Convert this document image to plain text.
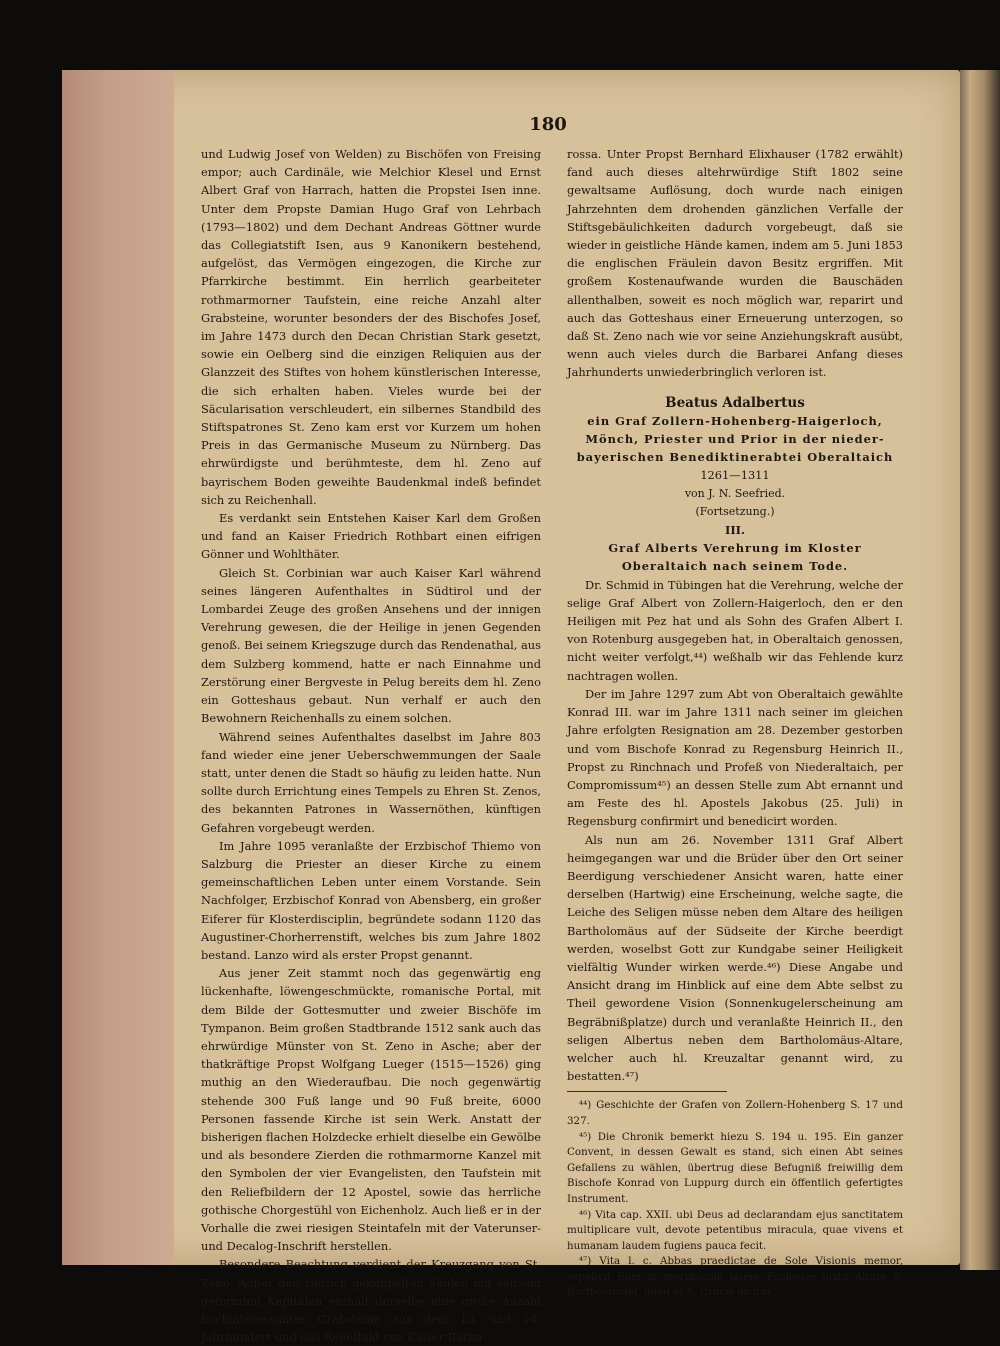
180

und Ludwig Josef von Welden) zu Bischöfen von Freising empor; auch Cardinäle, wie Melchior Klesel und Ernst Albert Graf von Harrach, hatten die Propstei Isen inne. Unter dem Propste Damian Hugo Graf von Lehrbach (1793—1802) und dem Dechant Andreas Göttner wurde das Collegiatstift Isen, aus 9 Kanonikern bestehend, aufgelöst, das Vermögen eingezogen, die Kirche zur Pfarrkirche bestimmt. Ein herrlich gearbeiteter rothmarmorner Taufstein, eine reiche Anzahl alter Grabsteine, worunter besonders der des Bischofes Josef, im Jahre 1473 durch den Decan Christian Stark gesetzt, sowie ein Oelberg sind die einzigen Reliquien aus der Glanzzeit des Stiftes von hohem künstlerischen Interesse, die sich erhalten haben. Vieles wurde bei der Säcularisation verschleudert, ein silbernes Standbild des Stiftspatrones St. Zeno kam erst vor Kurzem um hohen Preis in das Germanische Museum zu Nürnberg. Das ehrwürdigste und berühmteste, dem hl. Zeno auf bayrischem Boden geweihte Baudenkmal indeß befindet sich zu Reichenhall.

Es verdankt sein Entstehen Kaiser Karl dem Großen und fand an Kaiser Friedrich Rothbart einen eifrigen Gönner und Wohlthäter.

Gleich St. Corbinian war auch Kaiser Karl während seines längeren Aufenthaltes in Südtirol und der Lombardei Zeuge des großen Ansehens und der innigen Verehrung gewesen, die der Heilige in jenen Gegenden genoß. Bei seinem Kriegszuge durch das Rendenathal, aus dem Sulzberg kommend, hatte er nach Einnahme und Zerstörung einer Bergveste in Pelug bereits dem hl. Zeno ein Gotteshaus gebaut. Nun verhalf er auch den Bewohnern Reichenhalls zu einem solchen.

Während seines Aufenthaltes daselbst im Jahre 803 fand wieder eine jener Ueberschwemmungen der Saale statt, unter denen die Stadt so häufig zu leiden hatte. Nun sollte durch Errichtung eines Tempels zu Ehren St. Zenos, des bekannten Patrones in Wassernöthen, künftigen Gefahren vorgebeugt werden.

Im Jahre 1095 veranlaßte der Erzbischof Thiemo von Salzburg die Priester an dieser Kirche zu einem gemeinschaftlichen Leben unter einem Vorstande. Sein Nachfolger, Erzbischof Konrad von Abensberg, ein großer Eiferer für Klosterdisciplin, begründete sodann 1120 das Augustiner-Chorherrenstift, welches bis zum Jahre 1802 bestand. Lanzo wird als erster Propst genannt.

Aus jener Zeit stammt noch das gegenwärtig eng lückenhafte, löwengeschmückte, romanische Portal, mit dem Bilde der Gottesmutter und zweier Bischöfe im Tympanon. Beim großen Stadtbrande 1512 sank auch das ehrwürdige Münster von St. Zeno in Asche; aber der thatkräftige Propst Wolfgang Lueger (1515—1526) ging muthig an den Wiederaufbau. Die noch gegenwärtig stehende 300 Fuß lange und 90 Fuß breite, 6000 Personen fassende Kirche ist sein Werk. Anstatt der bisherigen flachen Holzdecke erhielt dieselbe ein Gewölbe und als besondere Zierden die rothmarmorne Kanzel mit den Symbolen der vier Evangelisten, den Taufstein mit den Reliefbildern der 12 Apostel, sowie das herrliche gothische Chorgestühl von Eichenholz. Auch ließ er in der Vorhalle die zwei riesigen Steintafeln mit der Vaterunser- und Decalog-Inschrift herstellen.

Besondere Beachtung verdient der Kreuzgang von St. Zeno. Außer den zierlich gekuppelten Säulen mit seltsam geformten Kapitälen enthält derselbe eine große Anzahl hochinteressanter Grabsteine aus dem 13. und 14. Jahrhundert und das Reliefbild von Kaiser Barba-

rossa. Unter Propst Bernhard Elixhauser (1782 erwählt) fand auch dieses altehrwürdige Stift 1802 seine gewaltsame Auflösung, doch wurde nach einigen Jahrzehnten dem drohenden gänzlichen Verfalle der Stiftsgebäulichkeiten dadurch vorgebeugt, daß sie wieder in geistliche Hände kamen, indem am 5. Juni 1853 die englischen Fräulein davon Besitz ergriffen. Mit großem Kostenaufwande wurden die Bauschäden allenthalben, soweit es noch möglich war, reparirt und auch das Gotteshaus einer Erneuerung unterzogen, so daß St. Zeno nach wie vor seine Anziehungskraft ausübt, wenn auch vieles durch die Barbarei Anfang dieses Jahrhunderts unwiederbringlich verloren ist.

Beatus Adalbertus

ein Graf Zollern-Hohenberg-Haigerloch,

Mönch, Priester und Prior in der nieder-

bayerischen Benediktinerabtei Oberaltaich

1261—1311

von J. N. Seefried.

(Fortsetzung.)

III.

Graf Alberts Verehrung im Kloster Oberaltaich nach seinem Tode.

Dr. Schmid in Tübingen hat die Verehrung, welche der selige Graf Albert von Zollern-Haigerloch, den er den Heiligen mit Pez hat und als Sohn des Grafen Albert I. von Rotenburg ausgegeben hat, in Oberaltaich genossen, nicht weiter verfolgt,⁴⁴) weßhalb wir das Fehlende kurz nachtragen wollen.

Der im Jahre 1297 zum Abt von Oberaltaich gewählte Konrad III. war im Jahre 1311 nach seiner im gleichen Jahre erfolgten Resignation am 28. Dezember gestorben und vom Bischofe Konrad zu Regensburg Heinrich II., Propst zu Rinchnach und Profeß von Niederaltaich, per Compromissum⁴⁵) an dessen Stelle zum Abt ernannt und am Feste des hl. Apostels Jakobus (25. Juli) in Regensburg confirmirt und benedicirt worden.

Als nun am 26. November 1311 Graf Albert heimgegangen war und die Brüder über den Ort seiner Beerdigung verschiedener Ansicht waren, hatte einer derselben (Hartwig) eine Erscheinung, welche sagte, die Leiche des Seligen müsse neben dem Altare des heiligen Bartholomäus auf der Südseite der Kirche beerdigt werden, woselbst Gott zur Kundgabe seiner Heiligkeit vielfältig Wunder wirken werde.⁴⁶) Diese Angabe und Ansicht drang im Hinblick auf eine dem Abte selbst zu Theil gewordene Vision (Sonnenkugelerscheinung am Begräbnißplatze) durch und veranlaßte Heinrich II., den seligen Albertus neben dem Bartholomäus-Altare, welcher auch hl. Kreuzaltar genannt wird, zu bestatten.⁴⁷)

⁴⁴) Geschichte der Grafen von Zollern-Hohenberg S. 17 und 327.

⁴⁵) Die Chronik bemerkt hiezu S. 194 u. 195. Ein ganzer Convent, in dessen Gewalt es stand, sich einen Abt seines Gefallens zu wählen, übertrug diese Befugniß freiwillig dem Bischofe Konrad von Luppurg durch ein öffentlich gefertigtes Instrument.

⁴⁶) Vita cap. XXII. ubi Deus ad declarandam ejus sanctitatem multiplicare vult, devote petentibus miracula, quae vivens et humanam laudem fugiens pauca fecit.

⁴⁷) Vita l. c. Abbas praedictae de Sole Visionis memor, sepelivit Eum in meridionali latere Ecclesiae juxta Altare S. Bartholomaei, quod et S. Crucis dicitur.
